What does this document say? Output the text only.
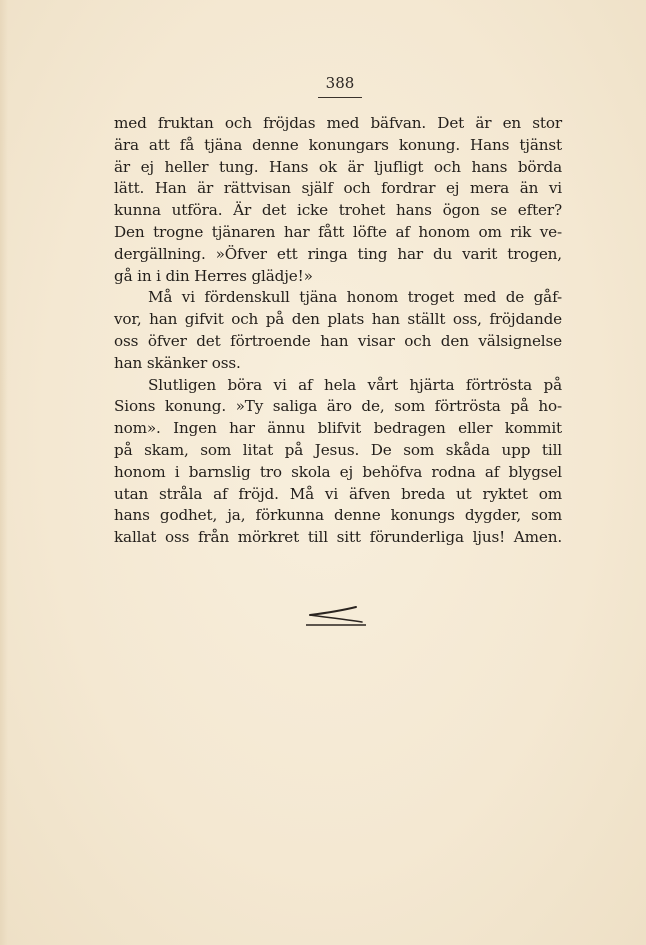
388
med fruktan och fröjdas med bäfvan. Det är en stor
ära att få tjäna denne konungars konung. Hans tjänst
är ej heller tung. Hans ok är ljufligt och hans börda
lätt. Han är rättvisan själf och fordrar ej mera än vi
kunna utföra. Är det icke trohet hans ögon se efter?
Den trogne tjänaren har fått löfte af honom om rik ve-
dergällning. »Öfver ett ringa ting har du varit trogen,
gå in i din Herres glädje!»
Må vi fördenskull tjäna honom troget med de gåf-
vor, han gifvit och på den plats han ställt oss, fröjdande
oss öfver det förtroende han visar och den välsignelse
han skänker oss.
Slutligen böra vi af hela vårt hjärta förtrösta på
Sions konung. »Ty saliga äro de, som förtrösta på ho-
nom». Ingen har ännu blifvit bedragen eller kommit
på skam, som litat på Jesus. De som skåda upp till
honom i barnslig tro skola ej behöfva rodna af blygsel
utan stråla af fröjd. Må vi äfven breda ut ryktet om
hans godhet, ja, förkunna denne konungs dygder, som
kallat oss från mörkret till sitt förunderliga ljus! Amen.
